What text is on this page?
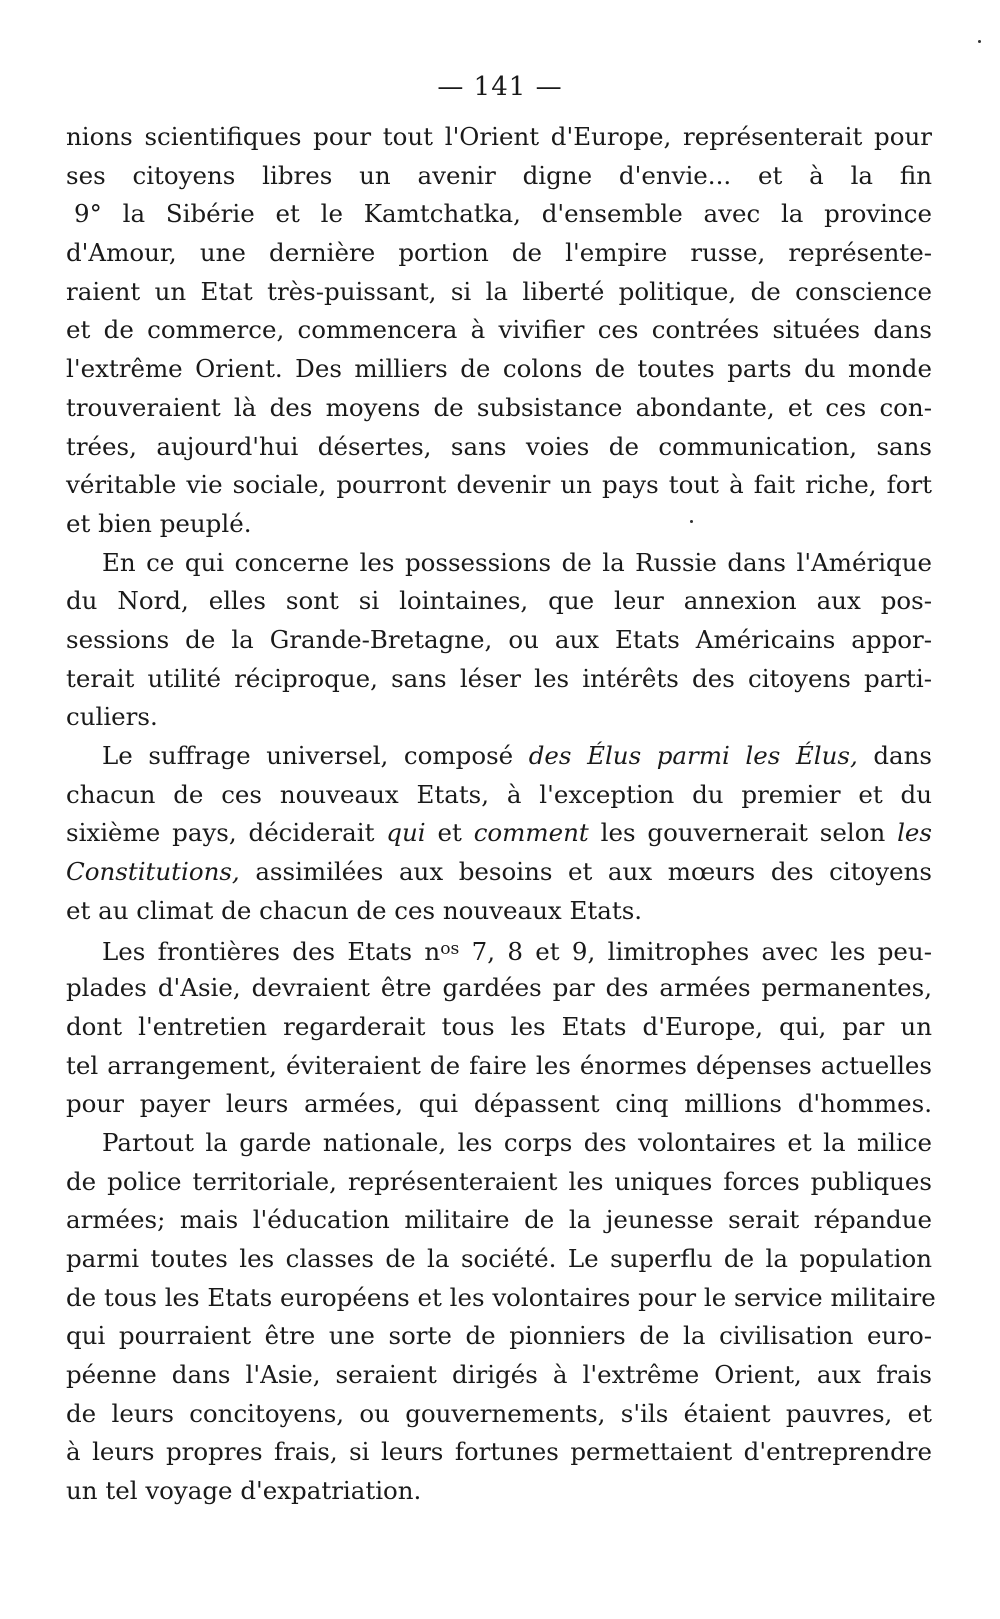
— 141 —
nions scientifiques pour tout l'Orient d'Europe, représenterait pour
ses citoyens libres un avenir digne d'envie... et à la fin
9° la Sibérie et le Kamtchatka, d'ensemble avec la province
d'Amour, une dernière portion de l'empire russe, représente-
raient un Etat très-puissant, si la liberté politique, de conscience
et de commerce, commencera à vivifier ces contrées situées dans
l'extrême Orient. Des milliers de colons de toutes parts du monde
trouveraient là des moyens de subsistance abondante, et ces con-
trées, aujourd'hui désertes, sans voies de communication, sans
véritable vie sociale, pourront devenir un pays tout à fait riche, fort
et bien peuplé.
En ce qui concerne les possessions de la Russie dans l'Amérique
du Nord, elles sont si lointaines, que leur annexion aux pos-
sessions de la Grande-Bretagne, ou aux Etats Américains appor-
terait utilité réciproque, sans léser les intérêts des citoyens parti-
culiers.
Le suffrage universel, composé des Élus parmi les Élus, dans
chacun de ces nouveaux Etats, à l'exception du premier et du
sixième pays, déciderait qui et comment les gouvernerait selon les
Constitutions, assimilées aux besoins et aux mœurs des citoyens
et au climat de chacun de ces nouveaux Etats.
Les frontières des Etats $n^{os}$ 7, 8 et 9, limitrophes avec les peu-
plades d'Asie, devraient être gardées par des armées permanentes,
dont l'entretien regarderait tous les Etats d'Europe, qui, par un
tel arrangement, éviteraient de faire les énormes dépenses actuelles
pour payer leurs armées, qui dépassent cinq millions d'hommes.
Partout la garde nationale, les corps des volontaires et la milice
de police territoriale, représenteraient les uniques forces publiques
armées; mais l'éducation militaire de la jeunesse serait répandue
parmi toutes les classes de la société. Le superflu de la population
de tous les Etats européens et les volontaires pour le service militaire
qui pourraient être une sorte de pionniers de la civilisation euro-
péenne dans l'Asie, seraient dirigés à l'extrême Orient, aux frais
de leurs concitoyens, ou gouvernements, s'ils étaient pauvres, et
à leurs propres frais, si leurs fortunes permettaient d'entreprendre
un tel voyage d'expatriation.
